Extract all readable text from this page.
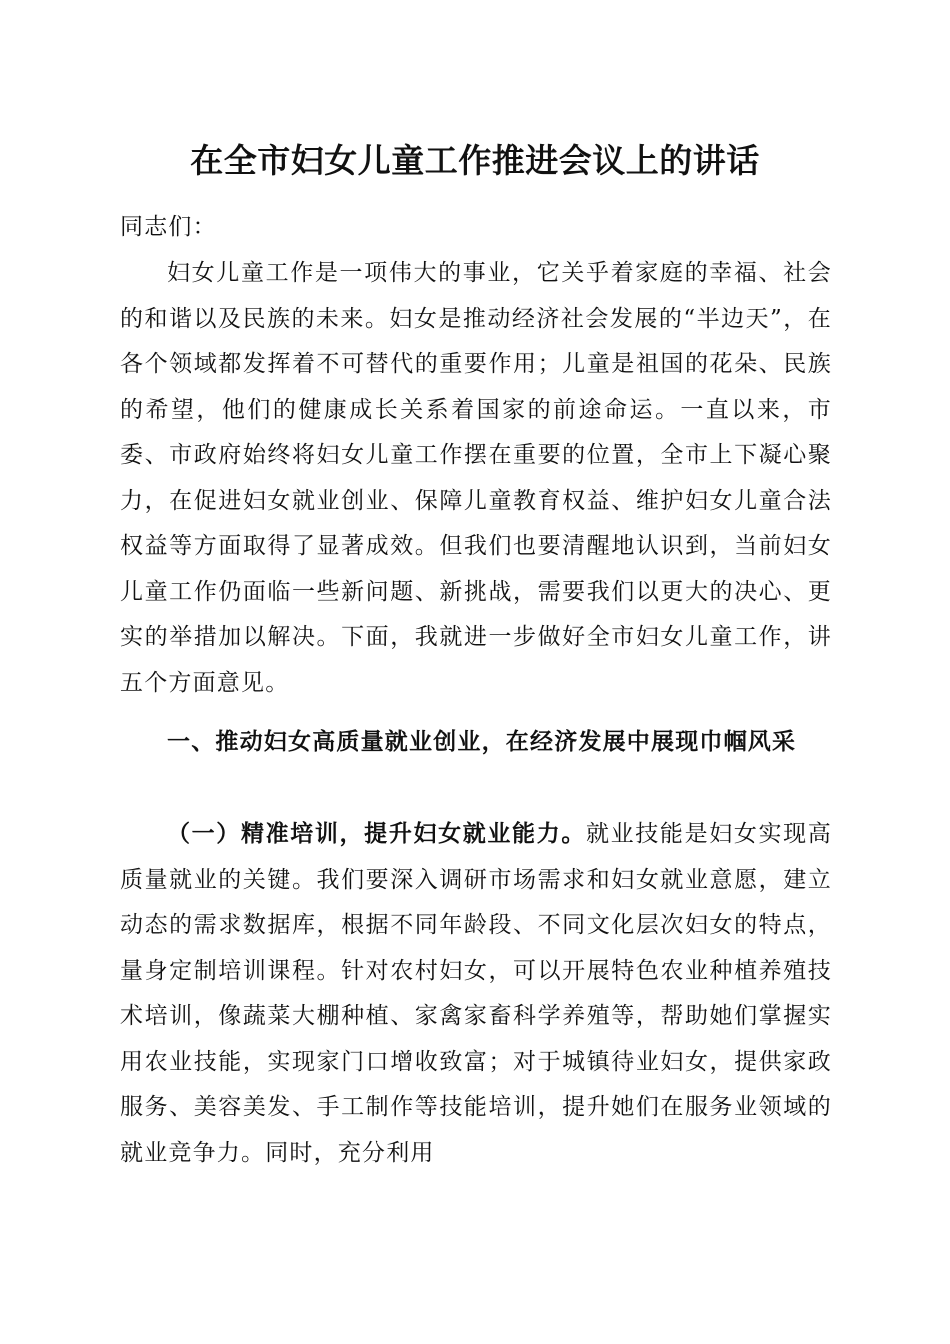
在全市妇女儿童工作推进会议上的讲话

同志们：

妇女儿童工作是一项伟大的事业，它关乎着家庭的幸福、社会的和谐以及民族的未来。妇女是推动经济社会发展的“半边天”，在各个领域都发挥着不可替代的重要作用；儿童是祖国的花朵、民族的希望，他们的健康成长关系着国家的前途命运。一直以来，市委、市政府始终将妇女儿童工作摆在重要的位置，全市上下凝心聚力，在促进妇女就业创业、保障儿童教育权益、维护妇女儿童合法权益等方面取得了显著成效。但我们也要清醒地认识到，当前妇女儿童工作仍面临一些新问题、新挑战，需要我们以更大的决心、更实的举措加以解决。下面，我就进一步做好全市妇女儿童工作，讲五个方面意见。

一、推动妇女高质量就业创业，在经济发展中展现巾帼风采

（一）精准培训，提升妇女就业能力。就业技能是妇女实现高质量就业的关键。我们要深入调研市场需求和妇女就业意愿，建立动态的需求数据库，根据不同年龄段、不同文化层次妇女的特点，量身定制培训课程。针对农村妇女，可以开展特色农业种植养殖技术培训，像蔬菜大棚种植、家禽家畜科学养殖等，帮助她们掌握实用农业技能，实现家门口增收致富；对于城镇待业妇女，提供家政服务、美容美发、手工制作等技能培训，提升她们在服务业领域的就业竞争力。同时，充分利用
